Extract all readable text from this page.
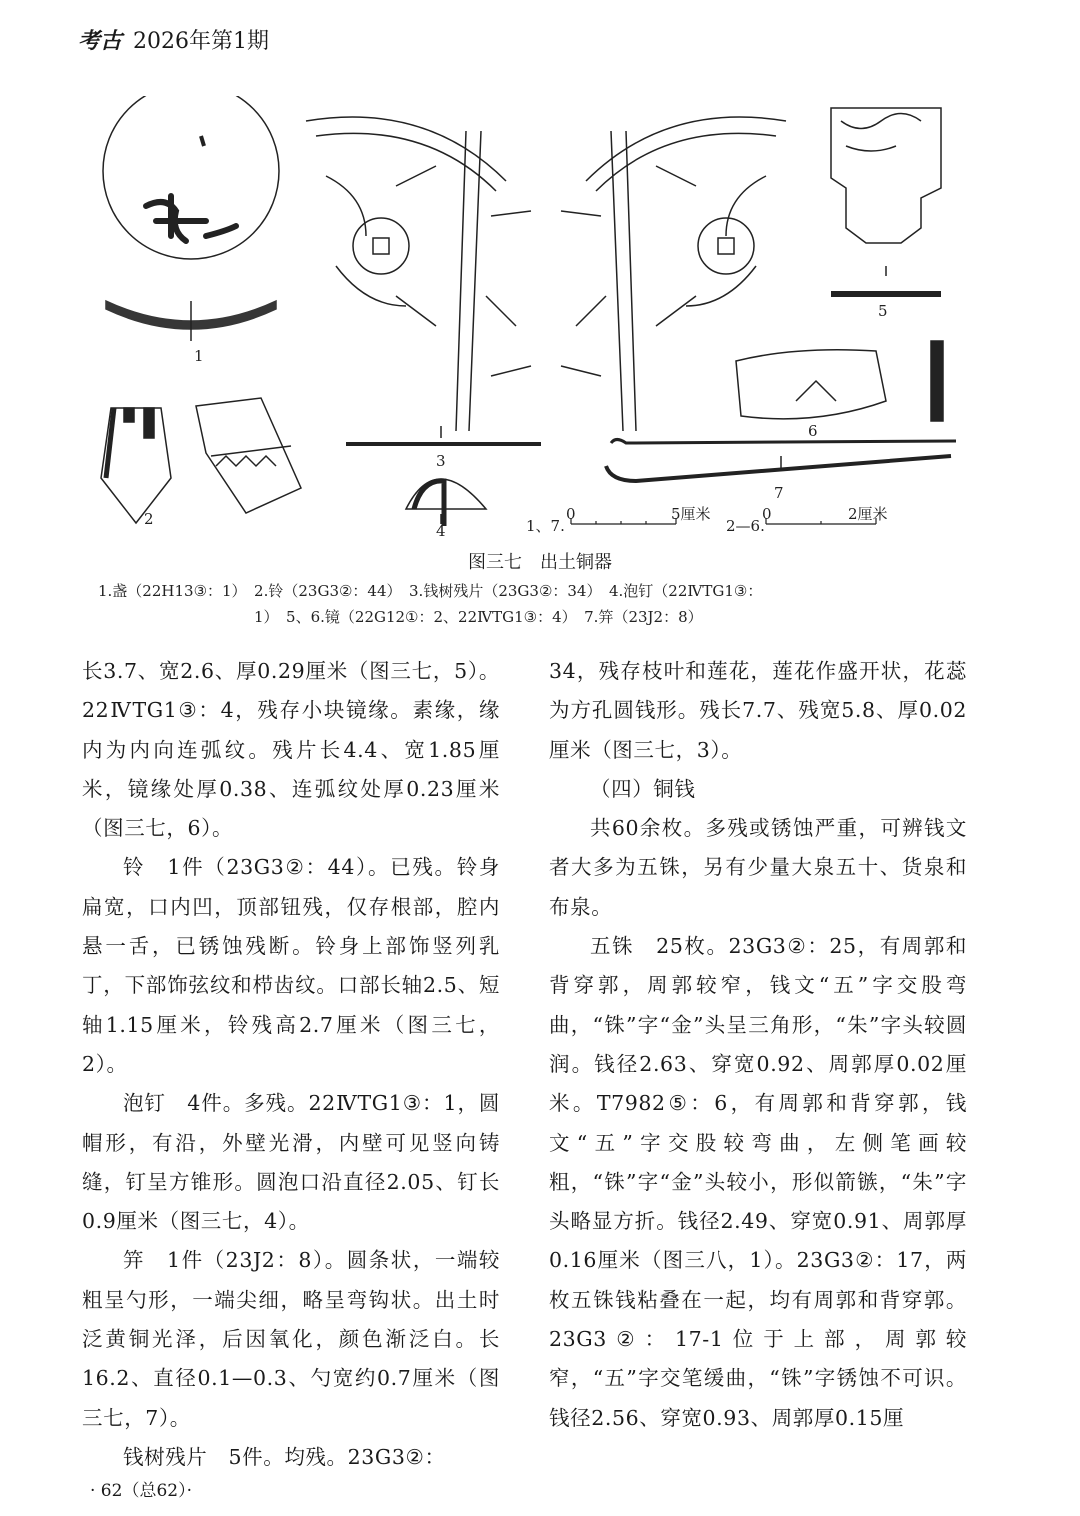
考古 2026年第1期
1
2
3
4
5
6
7
1、7.
0	5厘米
2—6.
0	2厘米
图三七　出土铜器
1.盏（22H13③：1）　2.铃（23G3②：44）　3.钱树残片（23G3②：34）　4.泡钉（22ⅣTG1③：
1）　5、6.镜（22G12①：2、22ⅣTG1③：4）　7.笄（23J2：8）

长3.7、宽2.6、厚0.29厘米（图三七，5）。22ⅣTG1③：4，残存小块镜缘。素缘，缘内为内向连弧纹。残片长4.4、宽1.85厘米，镜缘处厚0.38、连弧纹处厚0.23厘米（图三七，6）。

铃　1件（23G3②：44）。已残。铃身扁宽，口内凹，顶部钮残，仅存根部，腔内悬一舌，已锈蚀残断。铃身上部饰竖列乳丁，下部饰弦纹和栉齿纹。口部长轴2.5、短轴1.15厘米，铃残高2.7厘米（图三七，2）。

泡钉　4件。多残。22ⅣTG1③：1，圆帽形，有沿，外壁光滑，内壁可见竖向铸缝，钉呈方锥形。圆泡口沿直径2.05、钉长0.9厘米（图三七，4）。

笄　1件（23J2：8）。圆条状，一端较粗呈勺形，一端尖细，略呈弯钩状。出土时泛黄铜光泽，后因氧化，颜色渐泛白。长16.2、直径0.1—0.3、勺宽约0.7厘米（图三七，7）。

钱树残片　5件。均残。23G3②：

34，残存枝叶和莲花，莲花作盛开状，花蕊为方孔圆钱形。残长7.7、残宽5.8、厚0.02厘米（图三七，3）。

（四）铜钱

共60余枚。多残或锈蚀严重，可辨钱文者大多为五铢，另有少量大泉五十、货泉和布泉。

五铢　25枚。23G3②：25，有周郭和背穿郭，周郭较窄，钱文“五”字交股弯曲，“铢”字“金”头呈三角形，“朱”字头较圆润。钱径2.63、穿宽0.92、周郭厚0.02厘米。T7982⑤：6，有周郭和背穿郭，钱文“五”字交股较弯曲，左侧笔画较粗，“铢”字“金”头较小，形似箭镞，“朱”字头略显方折。钱径2.49、穿宽0.91、周郭厚0.16厘米（图三八，1）。23G3②：17，两枚五铢钱粘叠在一起，均有周郭和背穿郭。23G3②：17-1位于上部，周郭较窄，“五”字交笔缓曲，“铢”字锈蚀不可识。钱径2.56、穿宽0.93、周郭厚0.15厘

· 62（总62）·
